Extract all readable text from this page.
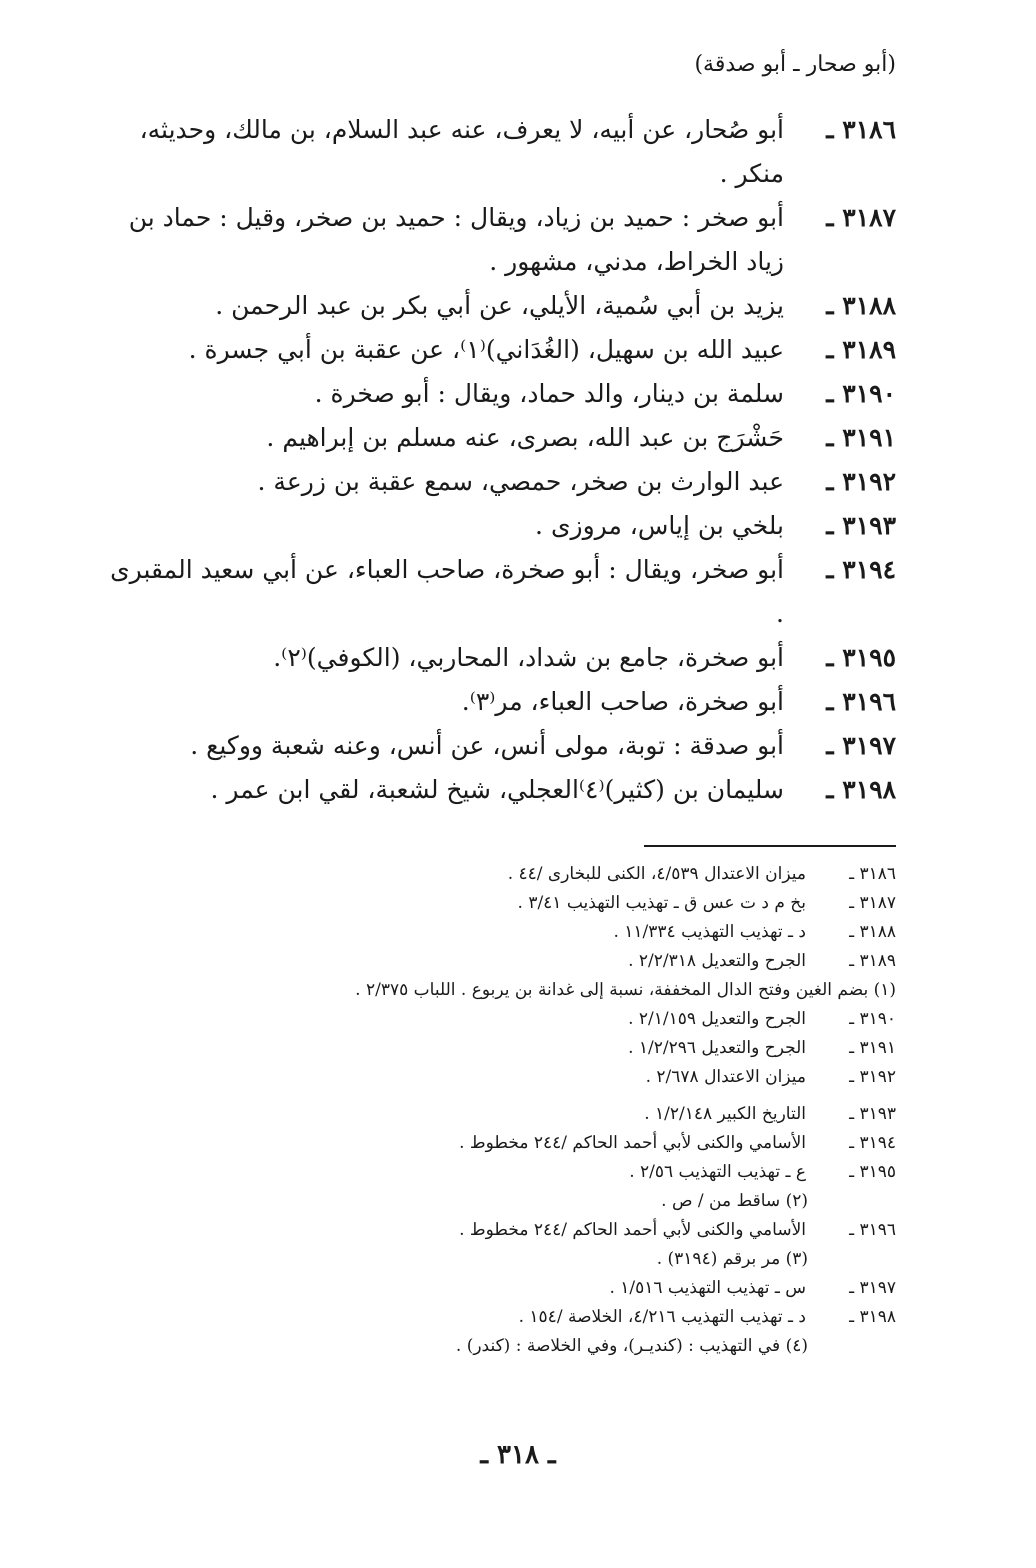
(أبو صحار ـ أبو صدقة)
٣١٨٦ ـ
أبو صُحار، عن أبيه، لا يعرف، عنه عبد السلام، بن مالك، وحديثه، منكر .
٣١٨٧ ـ
أبو صخر : حميد بن زياد، ويقال : حميد بن صخر، وقيل : حماد بن زياد الخراط، مدني، مشهور .
٣١٨٨ ـ
يزيد بن أبي سُمية، الأيلي، عن أبي بكر بن عبد الرحمن .
٣١٨٩ ـ
عبيد الله بن سهيل، (الغُدَاني)⁽١⁾، عن عقبة بن أبي جسرة .
٣١٩٠ ـ
سلمة بن دينار، والد حماد، ويقال : أبو صخرة .
٣١٩١ ـ
حَشْرَج بن عبد الله، بصرى، عنه مسلم بن إبراهيم .
٣١٩٢ ـ
عبد الوارث بن صخر، حمصي، سمع عقبة بن زرعة .
٣١٩٣ ـ
بلخي بن إياس، مروزى .
٣١٩٤ ـ
أبو صخر، ويقال : أبو صخرة، صاحب العباء، عن أبي سعيد المقبرى .
٣١٩٥ ـ
أبو صخرة، جامع بن شداد، المحاربي، (الكوفي)⁽٢⁾.
٣١٩٦ ـ
أبو صخرة، صاحب العباء، مر⁽٣⁾.
٣١٩٧ ـ
أبو صدقة : توبة، مولى أنس، عن أنس، وعنه شعبة ووكيع .
٣١٩٨ ـ
سليمان بن (كثير)⁽٤⁾العجلي، شيخ لشعبة، لقي ابن عمر .
٣١٨٦ ـ
ميزان الاعتدال ٤/٥٣٩، الكنى للبخارى /٤٤ .
٣١٨٧ ـ
بخ م د ت عس ق ـ تهذيب التهذيب ٣/٤١ .
٣١٨٨ ـ
د ـ تهذيب التهذيب ١١/٣٣٤ .
٣١٨٩ ـ
الجرح والتعديل ٢/٢/٣١٨ .
(١) بضم الغين وفتح الدال المخففة، نسبة إلى غدانة بن يربوع . اللباب ٢/٣٧٥ .
٣١٩٠ ـ
الجرح والتعديل ٢/١/١٥٩ .
٣١٩١ ـ
الجرح والتعديل ١/٢/٢٩٦ .
٣١٩٢ ـ
ميزان الاعتدال ٢/٦٧٨ .
٣١٩٣ ـ
التاريخ الكبير ١/٢/١٤٨ .
٣١٩٤ ـ
الأسامي والكنى لأبي أحمد الحاكم /٢٤٤ مخطوط .
٣١٩٥ ـ
ع ـ تهذيب التهذيب ٢/٥٦ .
(٢) ساقط من / ص .
٣١٩٦ ـ
الأسامي والكنى لأبي أحمد الحاكم /٢٤٤ مخطوط .
(٣) مر برقم (٣١٩٤) .
٣١٩٧ ـ
س ـ تهذيب التهذيب ١/٥١٦ .
٣١٩٨ ـ
د ـ تهذيب التهذيب ٤/٢١٦، الخلاصة /١٥٤ .
(٤) في التهذيب : (كنديـر)، وفي الخلاصة : (كندر) .
ـ ٣١٨ ـ
